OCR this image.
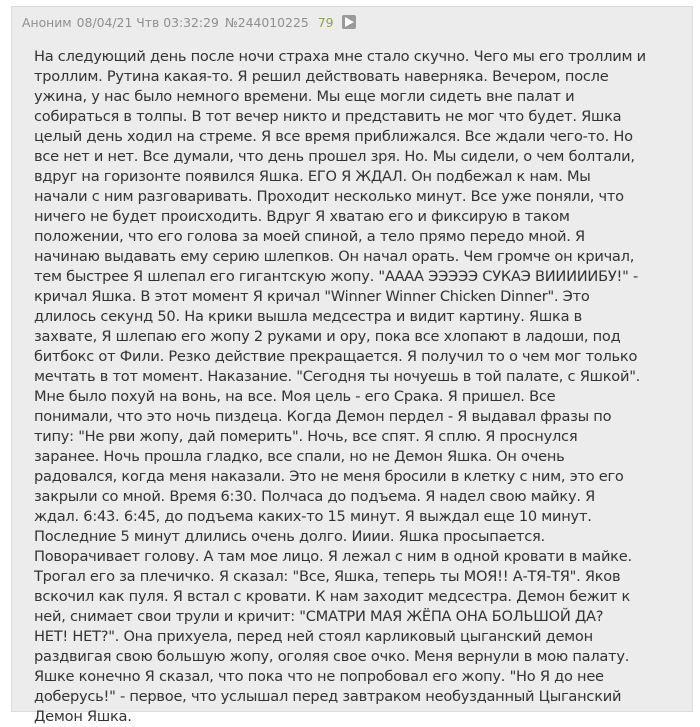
Аноним 08/04/21 Чтв 03:32:29 №244010225 79
На следующий день после ночи страха мне стало скучно. Чего мы его троллим и
троллим. Рутина какая-то. Я решил действовать наверняка. Вечером, после
ужина, у нас было немного времени. Мы еще могли сидеть вне палат и
собираться в толпы. В тот вечер никто и представить не мог что будет. Яшка
целый день ходил на стреме. Я все время приближался. Все ждали чего-то. Но
все нет и нет. Все думали, что день прошел зря. Но. Мы сидели, о чем болтали,
вдруг на горизонте появился Яшка. ЕГО Я ЖДАЛ. Он подбежал к нам. Мы
начали с ним разговаривать. Проходит несколько минут. Все уже поняли, что
ничего не будет происходить. Вдруг Я хватаю его и фиксирую в таком
положении, что его голова за моей спиной, а тело прямо передо мной. Я
начинаю выдавать ему серию шлепков. Он начал орать. Чем громче он кричал,
тем быстрее Я шлепал его гигантскую жопу. "АААА ЭЭЭЭЭ СУКАЭ ВИИИИИБУ!" -
кричал Яшка. В этот момент Я кричал "Winner Winner Chicken Dinner". Это
длилось секунд 50. На крики вышла медсестра и видит картину. Яшка в
захвате, Я шлепаю его жопу 2 руками и ору, пока все хлопают в ладоши, под
битбокс от Фили. Резко действие прекращается. Я получил то о чем мог только
мечтать в тот момент. Наказание. "Сегодня ты ночуешь в той палате, с Яшкой".
Мне было похуй на вонь, на все. Моя цель - его Срака. Я пришел. Все
понимали, что это ночь пиздеца. Когда Демон пердел - Я выдавал фразы по
типу: "Не рви жопу, дай померить". Ночь, все спят. Я сплю. Я проснулся
заранее. Ночь прошла гладко, все спали, но не Демон Яшка. Он очень
радовался, когда меня наказали. Это не меня бросили в клетку с ним, это его
закрыли со мной. Время 6:30. Полчаса до подъема. Я надел свою майку. Я
ждал. 6:43. 6:45, до подъема каких-то 15 минут. Я выждал еще 10 минут.
Последние 5 минут длились очень долго. Ииии. Яшка просыпается.
Поворачивает голову. А там мое лицо. Я лежал с ним в одной кровати в майке.
Трогал его за плечичко. Я сказал: "Все, Яшка, теперь ты МОЯ!! А-ТЯ-ТЯ". Яков
вскочил как пуля. Я встал с кровати. К нам заходит медсестра. Демон бежит к
ней, снимает свои трули и кричит: "СМАТРИ МАЯ ЖЁПА ОНА БОЛЬШОЙ ДА?
НЕТ! НЕТ?". Она прихуела, перед ней стоял карликовый цыганский демон
раздвигая свою большую жопу, оголяя свое очко. Меня вернули в мою палату.
Яшке конечно Я сказал, что пока что не попробовал его жопу. "Но Я до нее
доберусь!" - первое, что услышал перед завтраком необузданный Цыганский
Демон Яшка.
